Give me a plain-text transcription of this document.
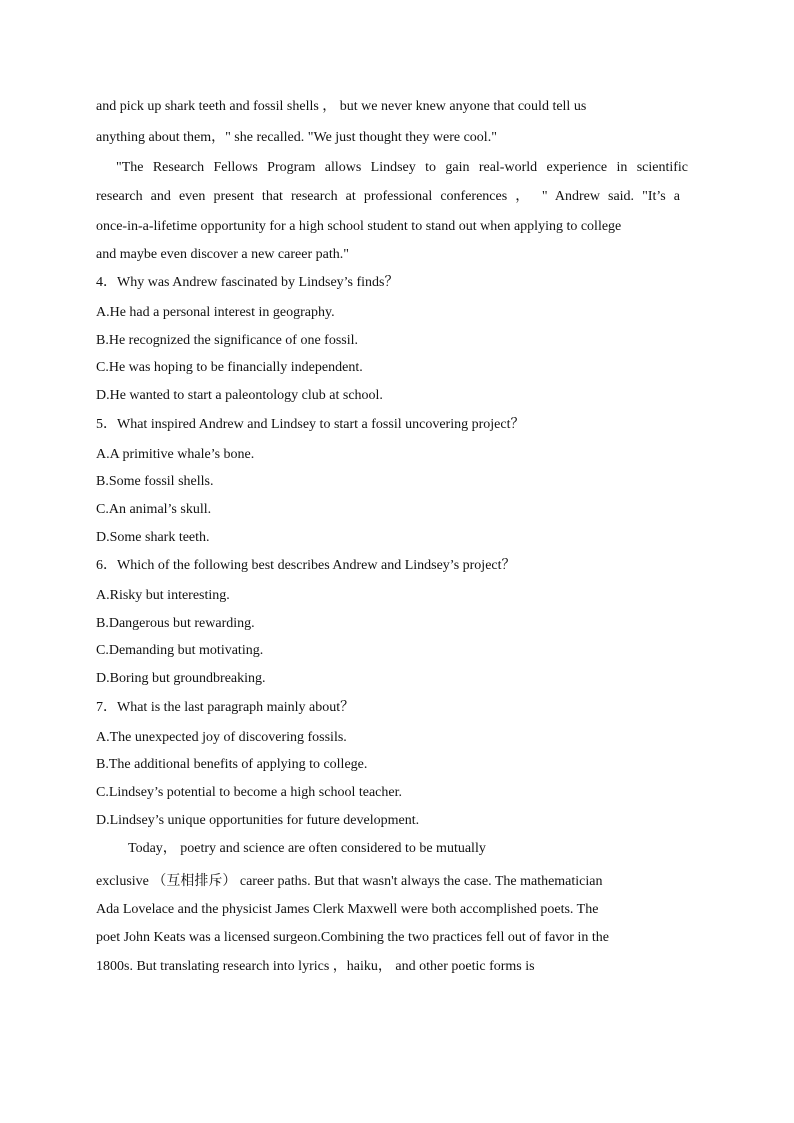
and pick up shark teeth and fossil shells ， but we never knew anyone that could tell us
anything about them，" she recalled. "We just thought they were cool."
"The Research Fellows Program allows Lindsey to gain real-world experience in scientific
research and even present that research at professional conferences ， " Andrew said. "It’s a
once-in-a-lifetime opportunity for a high school student to stand out when applying to college
and maybe even discover a new career path."
4．Why was Andrew fascinated by Lindsey’s finds？
A.He had a personal interest in geography.
B.He recognized the significance of one fossil.
C.He was hoping to be financially independent.
D.He wanted to start a paleontology club at school.
5．What inspired Andrew and Lindsey to start a fossil uncovering project？
A.A primitive whale’s bone.
B.Some fossil shells.
C.An animal’s skull.
D.Some shark teeth.
6．Which of the following best describes Andrew and Lindsey’s project？
A.Risky but interesting.
B.Dangerous but rewarding.
C.Demanding but motivating.
D.Boring but groundbreaking.
7．What is the last paragraph mainly about？
A.The unexpected joy of discovering fossils.
B.The additional benefits of applying to college.
C.Lindsey’s potential to become a high school teacher.
D.Lindsey’s unique opportunities for future development.
Today， poetry and science are often considered to be mutually
exclusive （互相排斥） career paths. But that wasn't always the case. The mathematician
Ada Lovelace and the physicist James Clerk Maxwell were both accomplished poets. The
poet John Keats was a licensed surgeon.Combining the two practices fell out of favor in the
1800s. But translating research into lyrics ，haiku， and other poetic forms is
